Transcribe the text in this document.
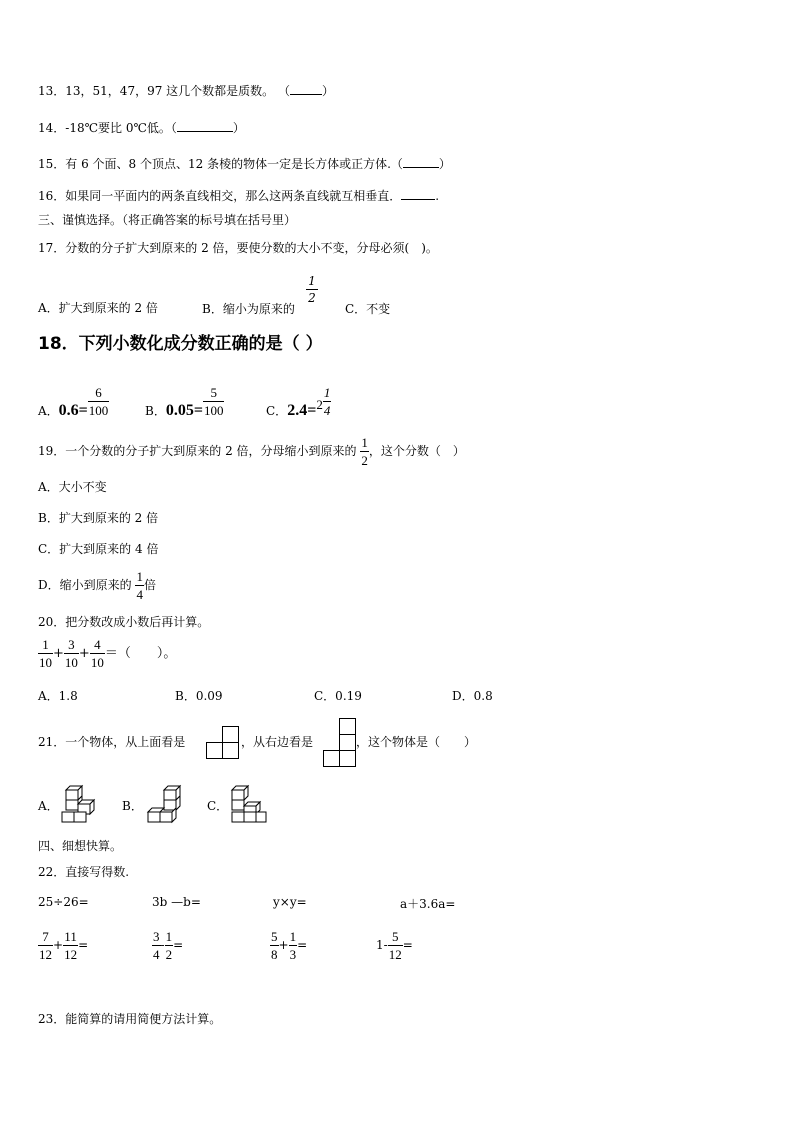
13．13，51，47，97 这几个数都是质数。 （	）
14．-18℃要比 0℃低。（	）
15．有 6 个面、8 个顶点、12 条棱的物体一定是长方体或正方体.（	）
16．如果同一平面内的两条直线相交，那么这两条直线就互相垂直．	.
三、谨慎选择。（将正确答案的标号填在括号里）
17．分数的分子扩大到原来的 2 倍，要使分数的大小不变，分母必须(　)。
A．扩大到原来的 2 倍	B．缩小为原来的
1
2
C．不变
18．下列小数化成分数正确的是（ ）
A．$0.6= \frac{6}{100}$	B．$0.05= \frac{5}{100}$	C．$2.4=2 \frac{1}{4}$
19．一个分数的分子扩大到原来的 2 倍，分母缩小到原来的 $\frac{1}{2}$ ，这个分数（　）
A．大小不变
B．扩大到原来的 2 倍
C．扩大到原来的 4 倍
D．缩小到原来的 $\frac{1}{4}$ 倍
20．把分数改成小数后再计算。
$\frac{1}{10} + \frac{3}{10} + \frac{4}{10}$ ＝（　　）。
A．1.8	B．0.09	C．0.19	D．0.8
21．一个物体，从上面看是	，从右边看是	，这个物体是（　　）
A．	B．	C．
四、细想快算。
22．直接写得数.
25÷26=	3b —b=	y×y=	a＋3.6a=
$\frac{7}{12} + \frac{11}{12}$ =	$\frac{3}{4} - \frac{1}{2}$ =	$\frac{5}{8} + \frac{1}{3}$ =	$1- \frac{5}{12}$ =
23．能简算的请用简便方法计算。
